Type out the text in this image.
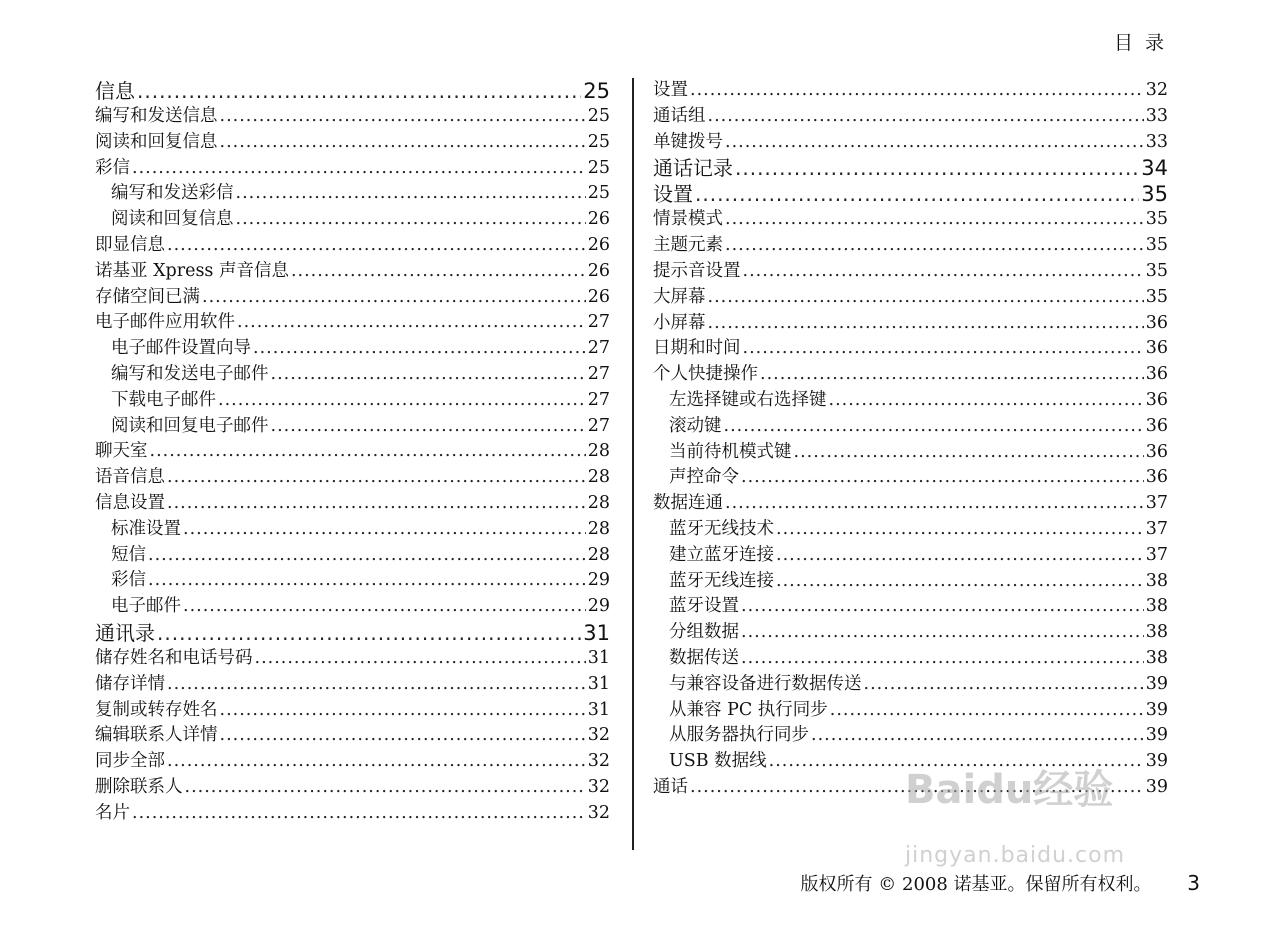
目 录
信息 .....	25
编写和发送信息 .....	25
阅读和回复信息 .....	25
彩信 .....	25
编写和发送彩信 .....	25
阅读和回复信息 .....	26
即显信息 .....	26
诺基亚 Xpress 声音信息 .....	26
存储空间已满 .....	26
电子邮件应用软件 .....	27
电子邮件设置向导 .....	27
编写和发送电子邮件 .....	27
下载电子邮件 .....	27
阅读和回复电子邮件 .....	27
聊天室 .....	28
语音信息 .....	28
信息设置 .....	28
标准设置 .....	28
短信 .....	28
彩信 .....	29
电子邮件 .....	29
通讯录 .....	31
储存姓名和电话号码 .....	31
储存详情 .....	31
复制或转存姓名 .....	31
编辑联系人详情 .....	32
同步全部 .....	32
删除联系人 .....	32
名片 .....	32
设置 .....	32
通话组 .....	33
单键拨号 .....	33
通话记录 .....	34
设置 .....	35
情景模式 .....	35
主题元素 .....	35
提示音设置 .....	35
大屏幕 .....	35
小屏幕 .....	36
日期和时间 .....	36
个人快捷操作 .....	36
左选择键或右选择键 .....	36
滚动键 .....	36
当前待机模式键 .....	36
声控命令 .....	36
数据连通 .....	37
蓝牙无线技术 .....	37
建立蓝牙连接 .....	37
蓝牙无线连接 .....	38
蓝牙设置 .....	38
分组数据 .....	38
数据传送 .....	38
与兼容设备进行数据传送 .....	39
从兼容 PC 执行同步 .....	39
从服务器执行同步 .....	39
USB 数据线 .....	39
通话 .....	39
版权所有 © 2008 诺基亚。保留所有权利。 3
Baidu经验
jingyan.baidu.com
